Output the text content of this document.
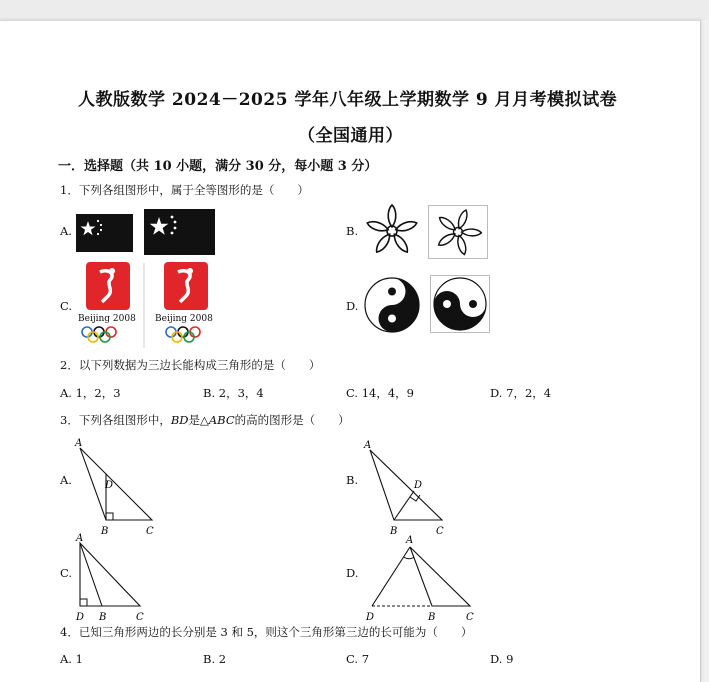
人教版数学 2024－2025 学年八年级上学期数学 9 月月考模拟试卷
（全国通用）
一．选择题（共 10 小题，满分 30 分，每小题 3 分）
1．下列各组图形中，属于全等图形的是（　　）
A.	B.
C.
Beijing 2008 Beijing 2008
D.
2．以下列数据为三边长能构成三角形的是（　　）
A. 1，2，3	B. 2，3，4	C. 14，4，9	D. 7，2，4
3．下列各组图形中，BD是△ABC的高的图形是（　　）
A.
A
D
B	C
B.
A
D
B	C
C.
A
D B	C
D.
A
D	B	C
4．已知三角形两边的长分别是 3 和 5，则这个三角形第三边的长可能为（　　）
A. 1	B. 2	C. 7	D. 9
